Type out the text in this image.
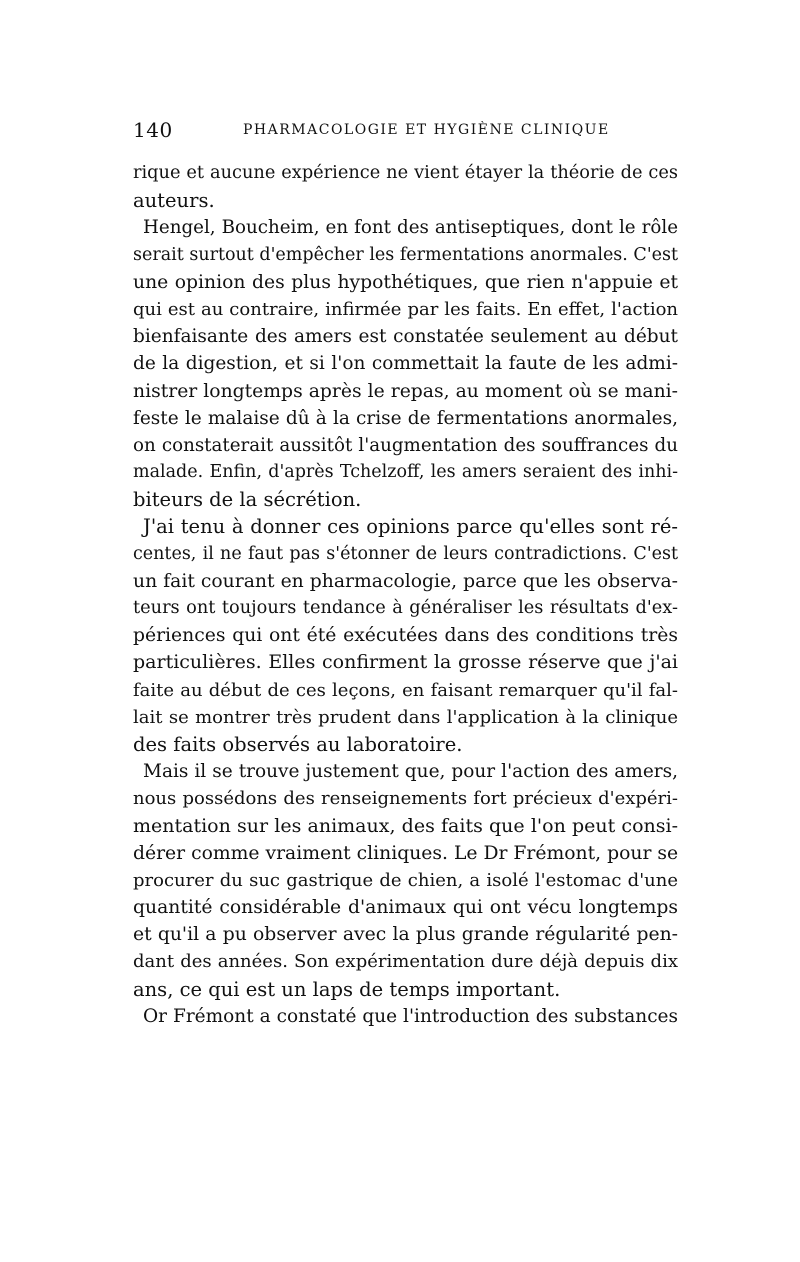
140	PHARMACOLOGIE ET HYGIÈNE CLINIQUE
rique et aucune expérience ne vient étayer la théorie de ces
auteurs.
Hengel, Boucheim, en font des antiseptiques, dont le rôle
serait surtout d'empêcher les fermentations anormales. C'est
une opinion des plus hypothétiques, que rien n'appuie et
qui est au contraire, infirmée par les faits. En effet, l'action
bienfaisante des amers est constatée seulement au début
de la digestion, et si l'on commettait la faute de les admi-
nistrer longtemps après le repas, au moment où se mani-
feste le malaise dû à la crise de fermentations anormales,
on constaterait aussitôt l'augmentation des souffrances du
malade. Enfin, d'après Tchelzoff, les amers seraient des inhi-
biteurs de la sécrétion.
J'ai tenu à donner ces opinions parce qu'elles sont ré-
centes, il ne faut pas s'étonner de leurs contradictions. C'est
un fait courant en pharmacologie, parce que les observa-
teurs ont toujours tendance à généraliser les résultats d'ex-
périences qui ont été exécutées dans des conditions très
particulières. Elles confirment la grosse réserve que j'ai
faite au début de ces leçons, en faisant remarquer qu'il fal-
lait se montrer très prudent dans l'application à la clinique
des faits observés au laboratoire.
Mais il se trouve justement que, pour l'action des amers,
nous possédons des renseignements fort précieux d'expéri-
mentation sur les animaux, des faits que l'on peut consi-
dérer comme vraiment cliniques. Le Dr Frémont, pour se
procurer du suc gastrique de chien, a isolé l'estomac d'une
quantité considérable d'animaux qui ont vécu longtemps
et qu'il a pu observer avec la plus grande régularité pen-
dant des années. Son expérimentation dure déjà depuis dix
ans, ce qui est un laps de temps important.
Or Frémont a constaté que l'introduction des substances
